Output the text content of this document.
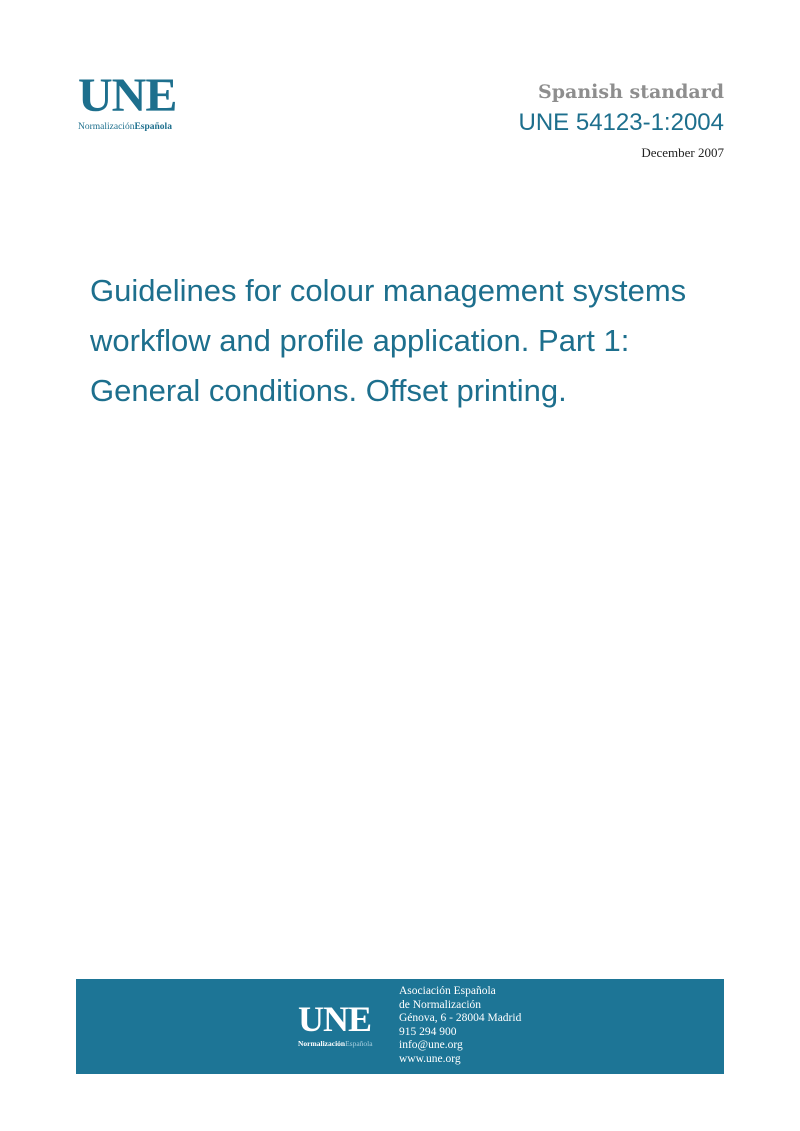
UNE
NormalizaciónEspañola
Spanish standard
UNE 54123-1:2004
December 2007
Guidelines for colour management systems
workflow and profile application. Part 1:
General conditions. Offset printing.
UNE
NormalizaciónEspañola
Asociación Española
de Normalización
Génova, 6 - 28004 Madrid
915 294 900
info@une.org
www.une.org
